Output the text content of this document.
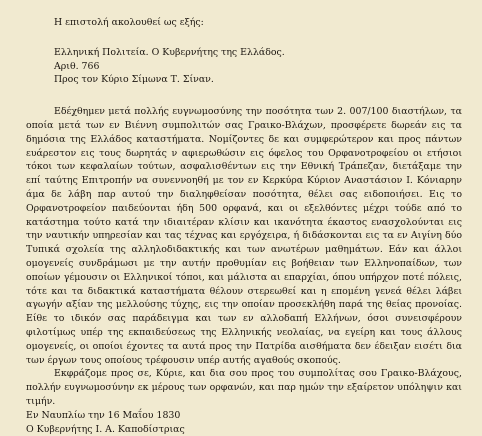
Η επιστολή ακολουθεί ως εξής:
Ελληνική Πολιτεία. Ο Κυβερνήτης της Ελλάδος.
Αριθ. 766
Προς τον Κύριο Σίμωνα Τ. Σίναν.

Εδέχθημεν μετά πολλής ευγνωμοσύνης την ποσότητα των 2. 007/100 διαστήλων, τα οποία μετά των εν Βιέννη συμπολιτών σας Γραικο-Βλάχων, προσφέρετε δωρεάν εις τα δημόσια της Ελλάδος καταστήματα. Νομίζοντες δε και συμφερώτερον και προς πάντων ευάρεστον εις τους δωρητάς ν αφιερωθώσιν εις όφελος του Ορφανοτροφείου οι ετήσιοι τόκοι των κεφαλαίων τούτων, ασφαλισθέντων εις την Εθνική Τράπεζαν, διετάξαμε την επί ταύτης Επιτροπήν να συνεννοηθή με τον εν Κερκύρα Κύριον Αναστάσιον Ι. Κόνιαρην άμα δε λάβη παρ αυτού την διαληφθείσαν ποσότητα, θέλει σας ειδοποιήσει. Εις το Ορφανοτροφείον παιδεύονται ήδη 500 ορφανά, και οι εξελθόντες μέχρι τούδε από το κατάστημα τούτο κατά την ιδιαιτέραν κλίσιν και ικανότητα έκαστος ενασχολούνται εις την ναυτικήν υπηρεσίαν και τας τέχνας και εργόχειρα, ή διδάσκονται εις τα εν Αιγίνη δύο Τυπικά σχολεία της αλληλοδιδακτικής και των ανωτέρων μαθημάτων. Εάν και άλλοι ομογενείς συνδράμωσι με την αυτήν προθυμίαν εις βοήθειαν των Ελληνοπαίδων, των οποίων γέμουσιν οι Ελληνικοί τόποι, και μάλιστα αι επαρχίαι, όπου υπήρχον ποτέ πόλεις, τότε και τα διδακτικά καταστήματα θέλουν στερεωθεί και η επομένη γενεά θέλει λάβει αγωγήν αξίαν της μελλούσης τύχης, εις την οποίαν προσεκλήθη παρά της θείας προνοίας. Είθε το ιδικόν σας παράδειγμα και των εν αλλοδαπή Ελλήνων, όσοι συνεισφέρουν φιλοτίμως υπέρ της εκπαιδεύσεως της Ελληνικής νεολαίας, να εγείρη και τους άλλους ομογενείς, οι οποίοι έχοντες τα αυτά προς την Πατρίδα αισθήματα δεν έδειξαν εισέτι δια των έργων τους οποίους τρέφουσιν υπέρ αυτής αγαθούς σκοπούς.

Εκφράζομε προς σε, Κύριε, και δια σου προς του συμπολίτας σου Γραικο-Βλάχους, πολλήν ευγνωμοσύνην εκ μέρους των ορφανών, και παρ ημών την εξαίρετον υπόληψιν και τιμήν.

Εν Ναυπλίω την 16 Μαΐου 1830

Ο Κυβερνήτης Ι. Α. Καποδίστριας
